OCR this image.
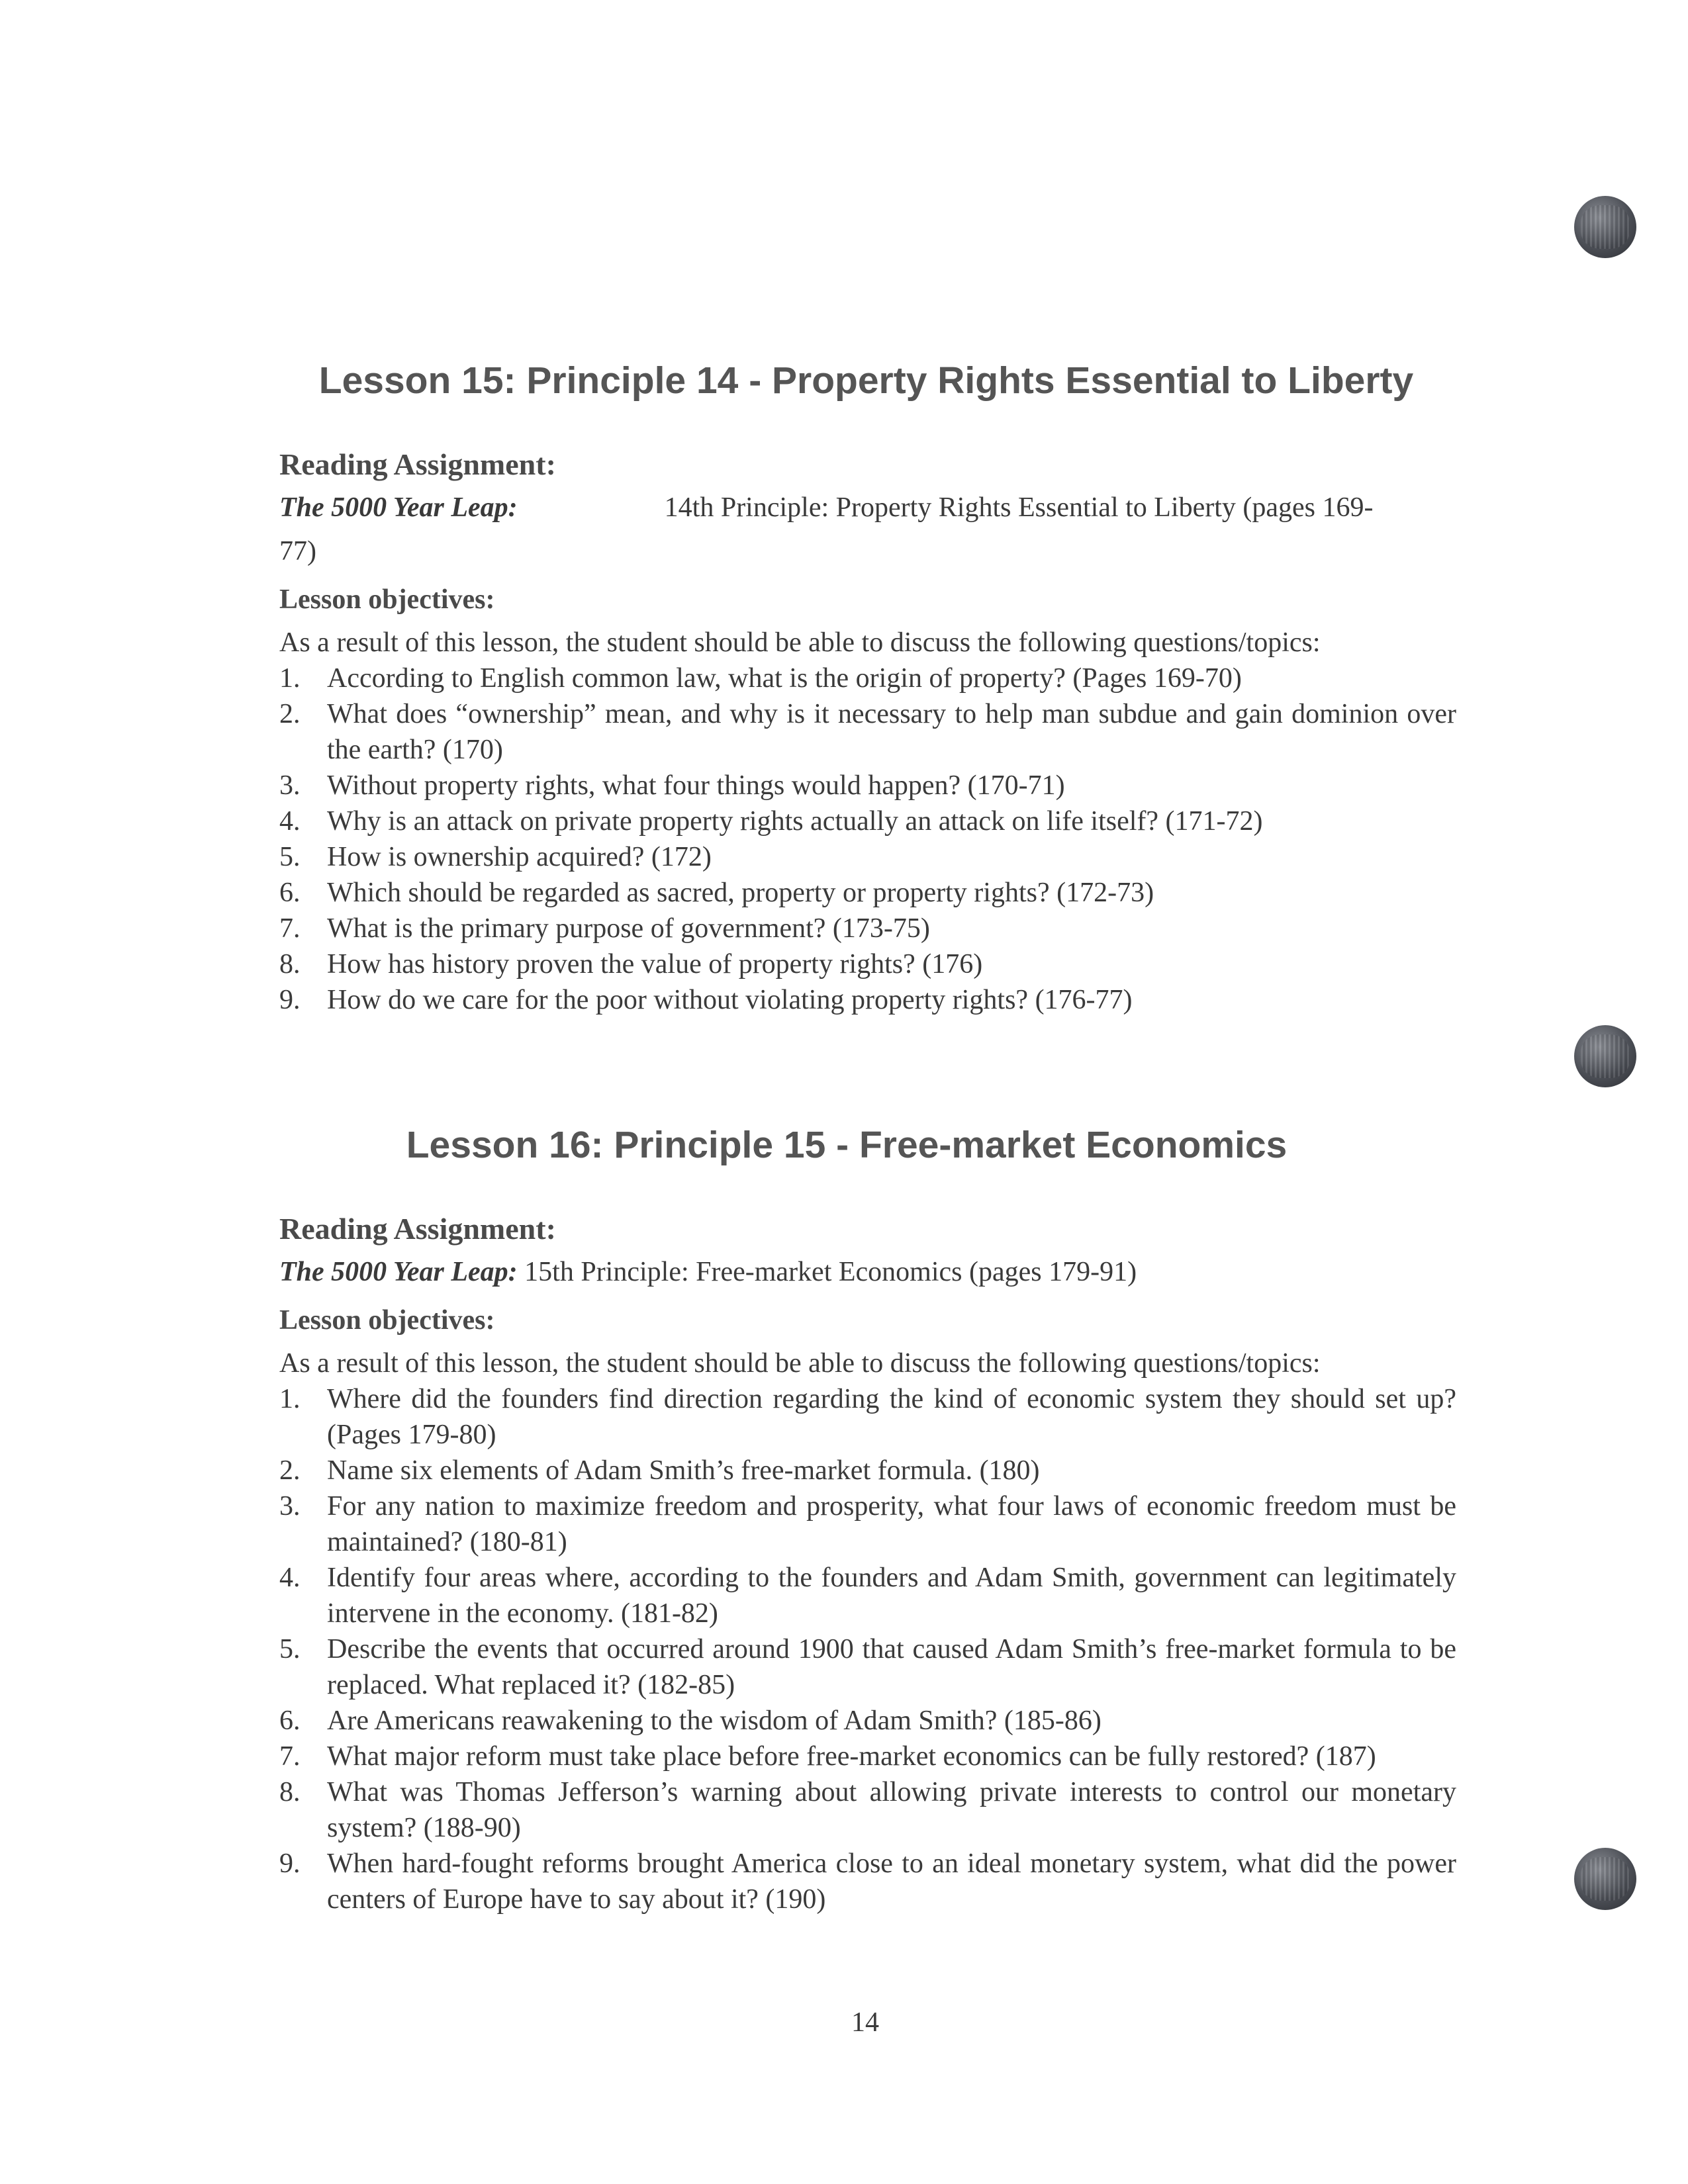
Lesson 15: Principle 14 - Property Rights Essential to Liberty
Reading Assignment:
The 5000 Year Leap:	14th Principle: Property Rights Essential to Liberty (pages 169-
77)
Lesson objectives:
As a result of this lesson, the student should be able to discuss the following questions/topics:
1. According to English common law, what is the origin of property? (Pages 169-70)
2. What does “ownership” mean, and why is it necessary to help man subdue and gain dominion over the earth? (170)
3. Without property rights, what four things would happen? (170-71)
4. Why is an attack on private property rights actually an attack on life itself? (171-72)
5. How is ownership acquired? (172)
6. Which should be regarded as sacred, property or property rights? (172-73)
7. What is the primary purpose of government? (173-75)
8. How has history proven the value of property rights? (176)
9. How do we care for the poor without violating property rights? (176-77)
Lesson 16: Principle 15 - Free-market Economics
Reading Assignment:
The 5000 Year Leap: 15th Principle: Free-market Economics (pages 179-91)
Lesson objectives:
As a result of this lesson, the student should be able to discuss the following questions/topics:
1. Where did the founders find direction regarding the kind of economic system they should set up? (Pages 179-80)
2. Name six elements of Adam Smith’s free-market formula. (180)
3. For any nation to maximize freedom and prosperity, what four laws of economic freedom must be maintained? (180-81)
4. Identify four areas where, according to the founders and Adam Smith, government can legitimately intervene in the economy. (181-82)
5. Describe the events that occurred around 1900 that caused Adam Smith’s free-market formula to be replaced. What replaced it? (182-85)
6. Are Americans reawakening to the wisdom of Adam Smith? (185-86)
7. What major reform must take place before free-market economics can be fully restored? (187)
8. What was Thomas Jefferson’s warning about allowing private interests to control our monetary system? (188-90)
9. When hard-fought reforms brought America close to an ideal monetary system, what did the power centers of Europe have to say about it? (190)
14
